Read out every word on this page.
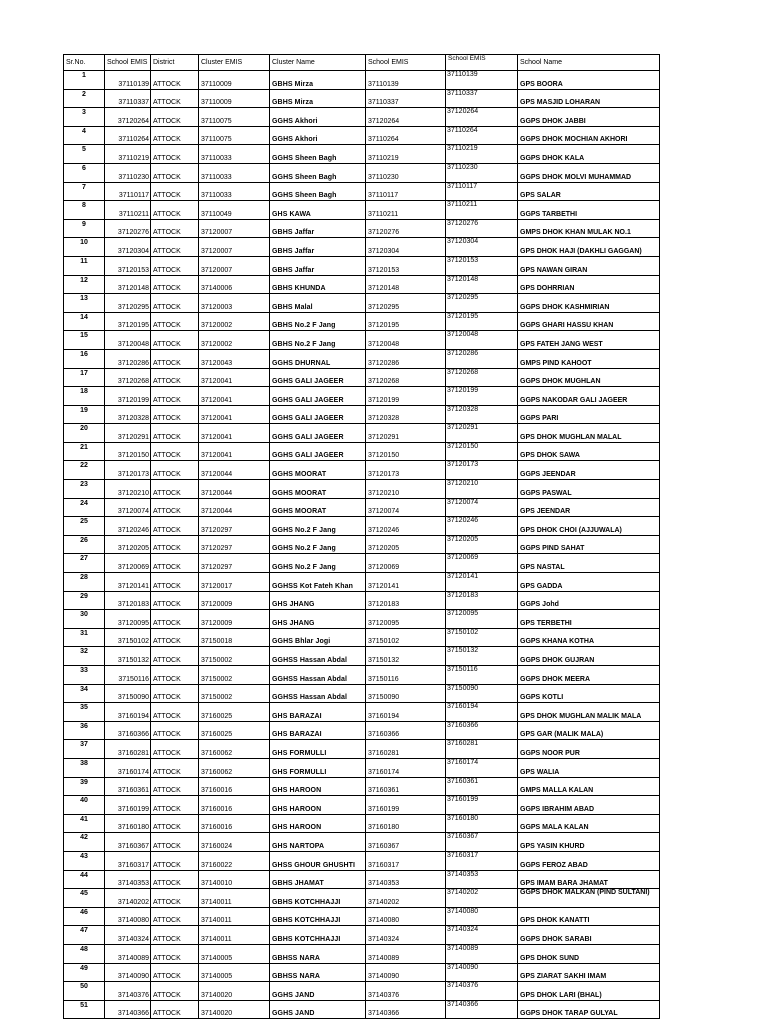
Sr.No.	School EMIS	District	Cluster EMIS	Cluster Name	School EMIS	School EMIS	School Name
1	37110139	ATTOCK	37110009	GBHS Mirza	37110139	37110139	GPS BOORA
2	37110337	ATTOCK	37110009	GBHS Mirza	37110337	37110337	GPS MASJID LOHARAN
3	37120264	ATTOCK	37110075	GGHS Akhori	37120264	37120264	GGPS DHOK JABBI
4	37110264	ATTOCK	37110075	GGHS Akhori	37110264	37110264	GGPS DHOK MOCHIAN AKHORI
5	37110219	ATTOCK	37110033	GGHS Sheen Bagh	37110219	37110219	GGPS DHOK KALA
6	37110230	ATTOCK	37110033	GGHS Sheen Bagh	37110230	37110230	GGPS DHOK MOLVI MUHAMMAD
7	37110117	ATTOCK	37110033	GGHS Sheen Bagh	37110117	37110117	GPS SALAR
8	37110211	ATTOCK	37110049	GHS KAWA	37110211	37110211	GGPS TARBETHI
9	37120276	ATTOCK	37120007	GBHS Jaffar	37120276	37120276	GMPS DHOK KHAN MULAK NO.1
10	37120304	ATTOCK	37120007	GBHS Jaffar	37120304	37120304	GPS DHOK HAJI (DAKHLI GAGGAN)
11	37120153	ATTOCK	37120007	GBHS Jaffar	37120153	37120153	GPS NAWAN GIRAN
12	37120148	ATTOCK	37140006	GBHS KHUNDA	37120148	37120148	GPS DOHRRIAN
13	37120295	ATTOCK	37120003	GBHS Malal	37120295	37120295	GGPS DHOK KASHMIRIAN
14	37120195	ATTOCK	37120002	GBHS No.2 F Jang	37120195	37120195	GGPS GHARI HASSU KHAN
15	37120048	ATTOCK	37120002	GBHS No.2 F Jang	37120048	37120048	GPS FATEH JANG WEST
16	37120286	ATTOCK	37120043	GGHS DHURNAL	37120286	37120286	GMPS PIND KAHOOT
17	37120268	ATTOCK	37120041	GGHS GALI JAGEER	37120268	37120268	GGPS DHOK MUGHLAN
18	37120199	ATTOCK	37120041	GGHS GALI JAGEER	37120199	37120199	GGPS NAKODAR GALI JAGEER
19	37120328	ATTOCK	37120041	GGHS GALI JAGEER	37120328	37120328	GGPS PARI
20	37120291	ATTOCK	37120041	GGHS GALI JAGEER	37120291	37120291	GPS DHOK MUGHLAN MALAL
21	37120150	ATTOCK	37120041	GGHS GALI JAGEER	37120150	37120150	GPS DHOK SAWA
22	37120173	ATTOCK	37120044	GGHS MOORAT	37120173	37120173	GGPS JEENDAR
23	37120210	ATTOCK	37120044	GGHS MOORAT	37120210	37120210	GGPS PASWAL
24	37120074	ATTOCK	37120044	GGHS MOORAT	37120074	37120074	GPS JEENDAR
25	37120246	ATTOCK	37120297	GGHS No.2 F Jang	37120246	37120246	GPS DHOK CHOI (AJJUWALA)
26	37120205	ATTOCK	37120297	GGHS No.2 F Jang	37120205	37120205	GGPS PIND SAHAT
27	37120069	ATTOCK	37120297	GGHS No.2 F Jang	37120069	37120069	GPS NASTAL
28	37120141	ATTOCK	37120017	GGHSS Kot Fateh Khan	37120141	37120141	GPS GADDA
29	37120183	ATTOCK	37120009	GHS JHANG	37120183	37120183	GGPS Johd
30	37120095	ATTOCK	37120009	GHS JHANG	37120095	37120095	GPS TERBETHI
31	37150102	ATTOCK	37150018	GGHS Bhlar Jogi	37150102	37150102	GGPS KHANA KOTHA
32	37150132	ATTOCK	37150002	GGHSS Hassan Abdal	37150132	37150132	GGPS DHOK GUJRAN
33	37150116	ATTOCK	37150002	GGHSS Hassan Abdal	37150116	37150116	GGPS DHOK MEERA
34	37150090	ATTOCK	37150002	GGHSS Hassan Abdal	37150090	37150090	GGPS KOTLI
35	37160194	ATTOCK	37160025	GHS BARAZAI	37160194	37160194	GPS DHOK MUGHLAN MALIK MALA
36	37160366	ATTOCK	37160025	GHS BARAZAI	37160366	37160366	GPS GAR (MALIK MALA)
37	37160281	ATTOCK	37160062	GHS FORMULLI	37160281	37160281	GGPS NOOR PUR
38	37160174	ATTOCK	37160062	GHS FORMULLI	37160174	37160174	GPS WALIA
39	37160361	ATTOCK	37160016	GHS HAROON	37160361	37160361	GMPS MALLA KALAN
40	37160199	ATTOCK	37160016	GHS HAROON	37160199	37160199	GGPS IBRAHIM ABAD
41	37160180	ATTOCK	37160016	GHS HAROON	37160180	37160180	GGPS MALA KALAN
42	37160367	ATTOCK	37160024	GHS NARTOPA	37160367	37160367	GPS YASIN KHURD
43	37160317	ATTOCK	37160022	GHSS GHOUR GHUSHTI	37160317	37160317	GGPS FEROZ ABAD
44	37140353	ATTOCK	37140010	GBHS JHAMAT	37140353	37140353	GPS IMAM BARA JHAMAT
45	37140202	ATTOCK	37140011	GBHS KOTCHHAJJI	37140202	37140202	GGPS DHOK MALKAN (PIND SULTANI)
46	37140080	ATTOCK	37140011	GBHS KOTCHHAJJI	37140080	37140080	GPS DHOK KANATTI
47	37140324	ATTOCK	37140011	GBHS KOTCHHAJJI	37140324	37140324	GGPS DHOK SARABI
48	37140089	ATTOCK	37140005	GBHSS NARA	37140089	37140089	GPS DHOK SUND
49	37140090	ATTOCK	37140005	GBHSS NARA	37140090	37140090	GPS ZIARAT SAKHI IMAM
50	37140376	ATTOCK	37140020	GGHS JAND	37140376	37140376	GPS DHOK LARI (BHAL)
51	37140366	ATTOCK	37140020	GGHS JAND	37140366	37140366	GGPS DHOK TARAP GULYAL
